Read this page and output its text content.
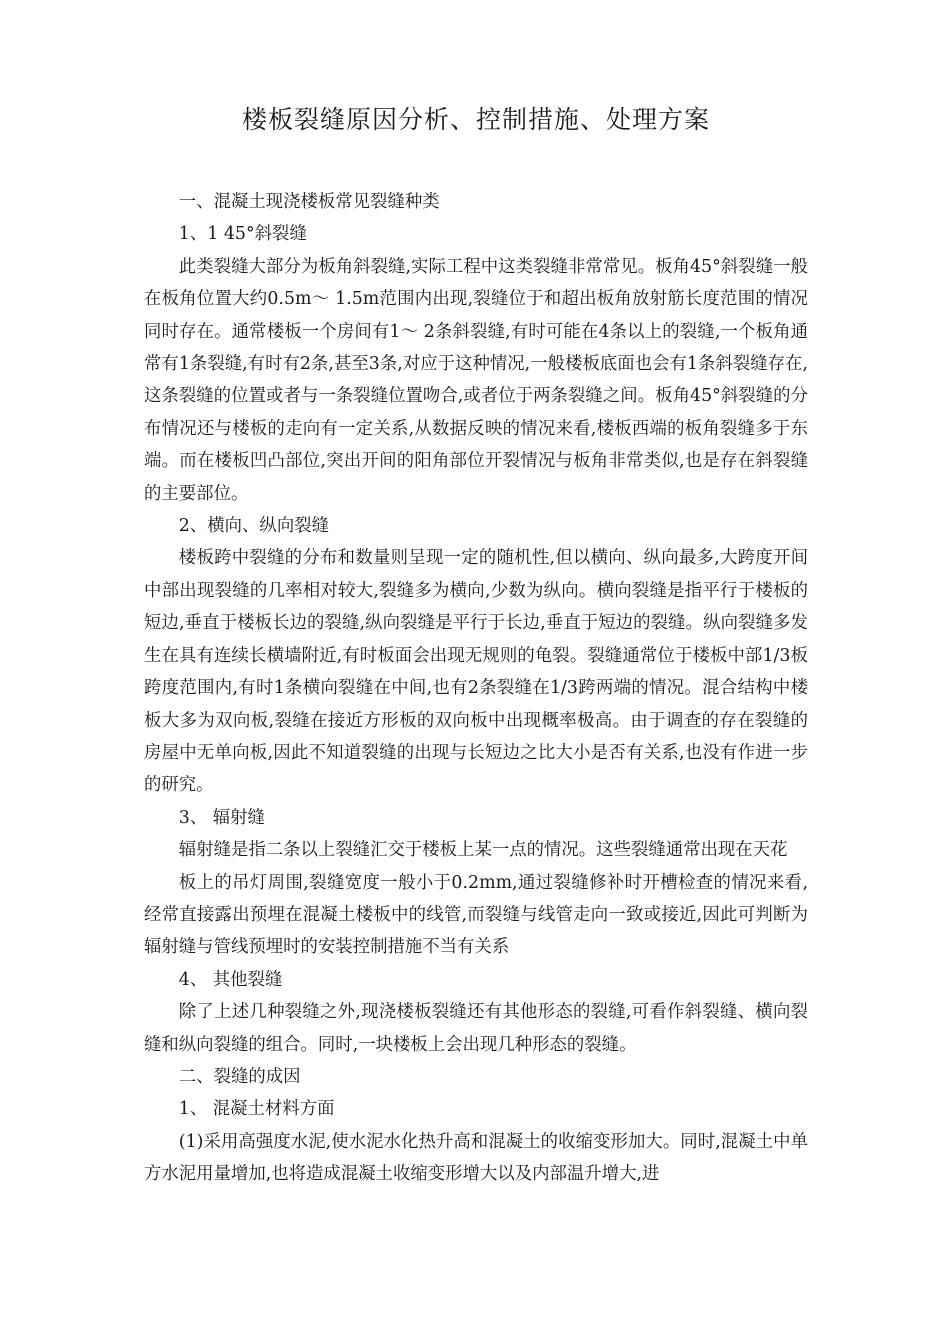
楼板裂缝原因分析、控制措施、处理方案

一、混凝土现浇楼板常见裂缝种类

1、1 45°斜裂缝

此类裂缝大部分为板角斜裂缝,实际工程中这类裂缝非常常见。板角45°斜裂缝一般在板角位置大约0.5m～ 1.5m范围内出现,裂缝位于和超出板角放射筋长度范围的情况同时存在。通常楼板一个房间有1～ 2条斜裂缝,有时可能在4条以上的裂缝,一个板角通常有1条裂缝,有时有2条,甚至3条,对应于这种情况,一般楼板底面也会有1条斜裂缝存在,这条裂缝的位置或者与一条裂缝位置吻合,或者位于两条裂缝之间。板角45°斜裂缝的分布情况还与楼板的走向有一定关系,从数据反映的情况来看,楼板西端的板角裂缝多于东端。而在楼板凹凸部位,突出开间的阳角部位开裂情况与板角非常类似,也是存在斜裂缝的主要部位。

2、横向、纵向裂缝

楼板跨中裂缝的分布和数量则呈现一定的随机性,但以横向、纵向最多,大跨度开间中部出现裂缝的几率相对较大,裂缝多为横向,少数为纵向。横向裂缝是指平行于楼板的短边,垂直于楼板长边的裂缝,纵向裂缝是平行于长边,垂直于短边的裂缝。纵向裂缝多发生在具有连续长横墙附近,有时板面会出现无规则的龟裂。裂缝通常位于楼板中部1/3板跨度范围内,有时1条横向裂缝在中间,也有2条裂缝在1/3跨两端的情况。混合结构中楼板大多为双向板,裂缝在接近方形板的双向板中出现概率极高。由于调查的存在裂缝的房屋中无单向板,因此不知道裂缝的出现与长短边之比大小是否有关系,也没有作进一步的研究。

3、 辐射缝

辐射缝是指二条以上裂缝汇交于楼板上某一点的情况。这些裂缝通常出现在天花

板上的吊灯周围,裂缝宽度一般小于0.2mm,通过裂缝修补时开槽检查的情况来看,经常直接露出预埋在混凝土楼板中的线管,而裂缝与线管走向一致或接近,因此可判断为辐射缝与管线预埋时的安装控制措施不当有关系

4、 其他裂缝

除了上述几种裂缝之外,现浇楼板裂缝还有其他形态的裂缝,可看作斜裂缝、横向裂缝和纵向裂缝的组合。同时,一块楼板上会出现几种形态的裂缝。

二、裂缝的成因

1、 混凝土材料方面

(1)采用高强度水泥,使水泥水化热升高和混凝土的收缩变形加大。同时,混凝土中单方水泥用量增加,也将造成混凝土收缩变形增大以及内部温升增大,进
